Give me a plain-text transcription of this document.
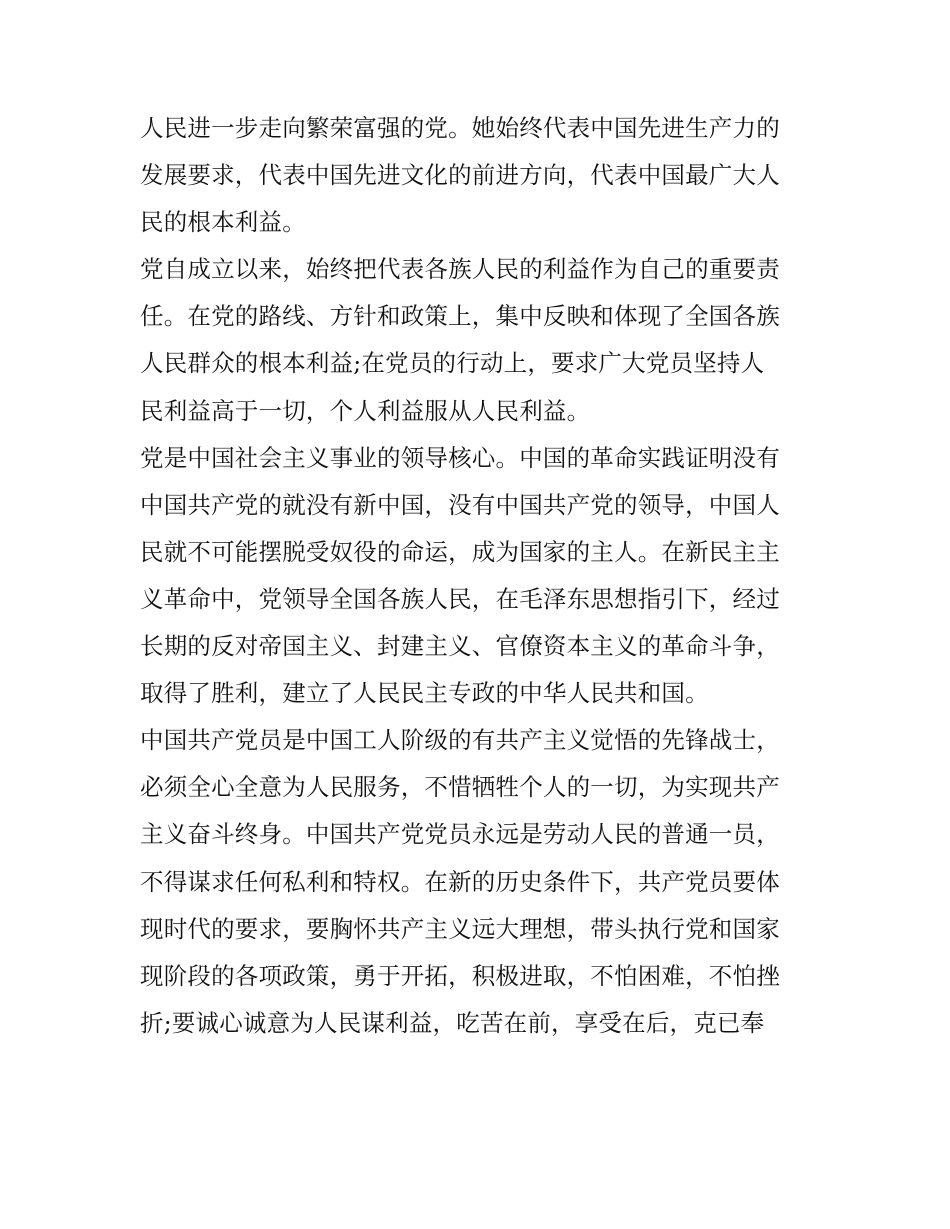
人民进一步走向繁荣富强的党。她始终代表中国先进生产力的
发展要求，代表中国先进文化的前进方向，代表中国最广大人
民的根本利益。
党自成立以来，始终把代表各族人民的利益作为自己的重要责
任。在党的路线、方针和政策上，集中反映和体现了全国各族
人民群众的根本利益;在党员的行动上，要求广大党员坚持人
民利益高于一切，个人利益服从人民利益。
党是中国社会主义事业的领导核心。中国的革命实践证明没有
中国共产党的就没有新中国，没有中国共产党的领导，中国人
民就不可能摆脱受奴役的命运，成为国家的主人。在新民主主
义革命中，党领导全国各族人民，在毛泽东思想指引下，经过
长期的反对帝国主义、封建主义、官僚资本主义的革命斗争，
取得了胜利，建立了人民民主专政的中华人民共和国。
中国共产党员是中国工人阶级的有共产主义觉悟的先锋战士，
必须全心全意为人民服务，不惜牺牲个人的一切，为实现共产
主义奋斗终身。中国共产党党员永远是劳动人民的普通一员，
不得谋求任何私利和特权。在新的历史条件下，共产党员要体
现时代的要求，要胸怀共产主义远大理想，带头执行党和国家
现阶段的各项政策，勇于开拓，积极进取，不怕困难，不怕挫
折;要诚心诚意为人民谋利益，吃苦在前，享受在后，克已奉
